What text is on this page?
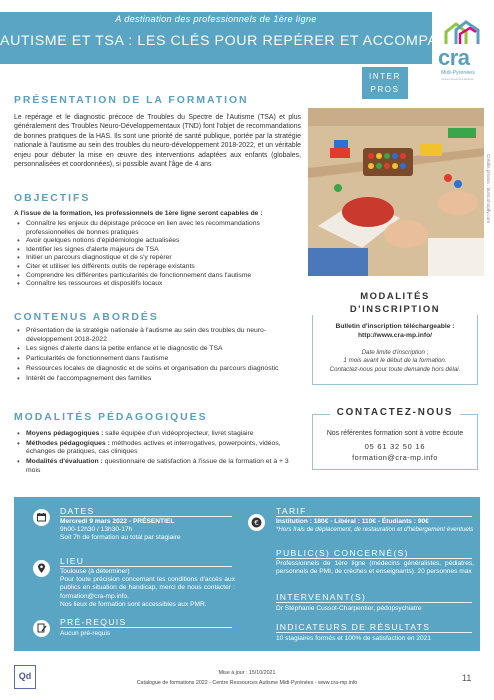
A destination des professionnels de 1ère ligne
AUTISME ET TSA : LES CLÉS POUR REPÉRER ET ACCOMPAGNER
cra
Midi-Pyrénées
centre ressources autisme
INTER
PROS
PRÉSENTATION DE LA FORMATION
Le repérage et le diagnostic précoce de Troubles du Spectre de l'Autisme (TSA) et plus généralement des Troubles Neuro-Développementaux (TND) font l'objet de recommandations de bonnes pratiques de la HAS. Ils sont une priorité de santé publique, portée par la stratégie nationale à l'autisme au sein des troubles du neuro-développement 2018-2022, et un véritable enjeu pour débuter la mise en œuvre des interventions adaptées aux enfants (globales, personnalisées et coordonnées), si possible avant l'âge de 4 ans	Crédits photos : burst.shopify.com
OBJECTIFS
A l'issue de la formation, les professionnels de 1ère ligne seront capables de :
• Connaître les enjeux du dépistage précoce en lien avec les recommandations professionnelles de bonnes pratiques
• Avoir quelques notions d'épidémiologie actualisées
• Identifier les signes d'alerte majeurs de TSA
• Initier un parcours diagnostique et de s'y repérer
• Citer et utiliser les différents outils de repérage existants
• Comprendre les différentes particularités de fonctionnement dans l'autisme
• Connaître les ressources et dispositifs locaux
CONTENUS ABORDÉS
• Présentation de la stratégie nationale à l'autisme au sein des troubles du neuro-développement 2018-2022
• Les signes d'alerte dans la petite enfance et le diagnostic de TSA
• Particularités de fonctionnement dans l'autisme
• Ressources locales de diagnostic et de soins et organisation du parcours diagnostic
• Intérêt de l'accompagnement des familles
MODALITÉS PÉDAGOGIQUES
• Moyens pédagogiques : salle équipée d'un vidéoprojecteur, livret stagiaire
• Méthodes pédagogiques : méthodes actives et interrogatives, powerpoints, vidéos, échanges de pratiques, cas cliniques
• Modalités d'évaluation : questionnaire de satisfaction à l'issue de la formation et à + 3 mois
MODALITÉS
D'INSCRIPTION
Bulletin d'inscription téléchargeable :
http://www.cra-mp.info/
Date limite d'inscription ;
1 mois avant le début de la formation.
Contactez-nous pour toute demande hors délai.
CONTACTEZ-NOUS
Nos référentes formation sont à votre écoute
05 61 32 50 16
formation@cra-mp.info
DATES
Mercredi 9 mars 2022 - PRÉSENTIEL
9h00-12h30 / 13h30-17h
Soit 7h de formation au total par stagiaire
LIEU
Toulouse (à déterminer)
Pour toute précision concernant les conditions d'accès aux publics en situation de handicap, merci de nous contacter : formation@cra-mp.info.
Nos lieux de formation sont accessibles aux PMR.
PRÉ-REQUIS
Aucun pré-requis
€
TARIF
Institution : 180€ - Libéral : 110€ - Étudiants : 90€
*Hors frais de déplacement, de restauration et d'hébergement éventuels
PUBLIC(S) CONCERNÉ(S)
Professionnels de 1ère ligne (médecins généralistes, pédiatres, personnels de PMI, de crèches et enseignants). 20 personnes max
INTERVENANT(S)
Dr Stéphanie Cussot-Charpentier, pédopsychiatre
INDICATEURS DE RÉSULTATS
10 stagiaires formés et 100% de satisfaction en 2021
Qd	Mise à jour : 15/10/2021
Catalogue de formations 2022 - Centre Ressources Autisme Midi-Pyrénées - www.cra-mp.info	11
